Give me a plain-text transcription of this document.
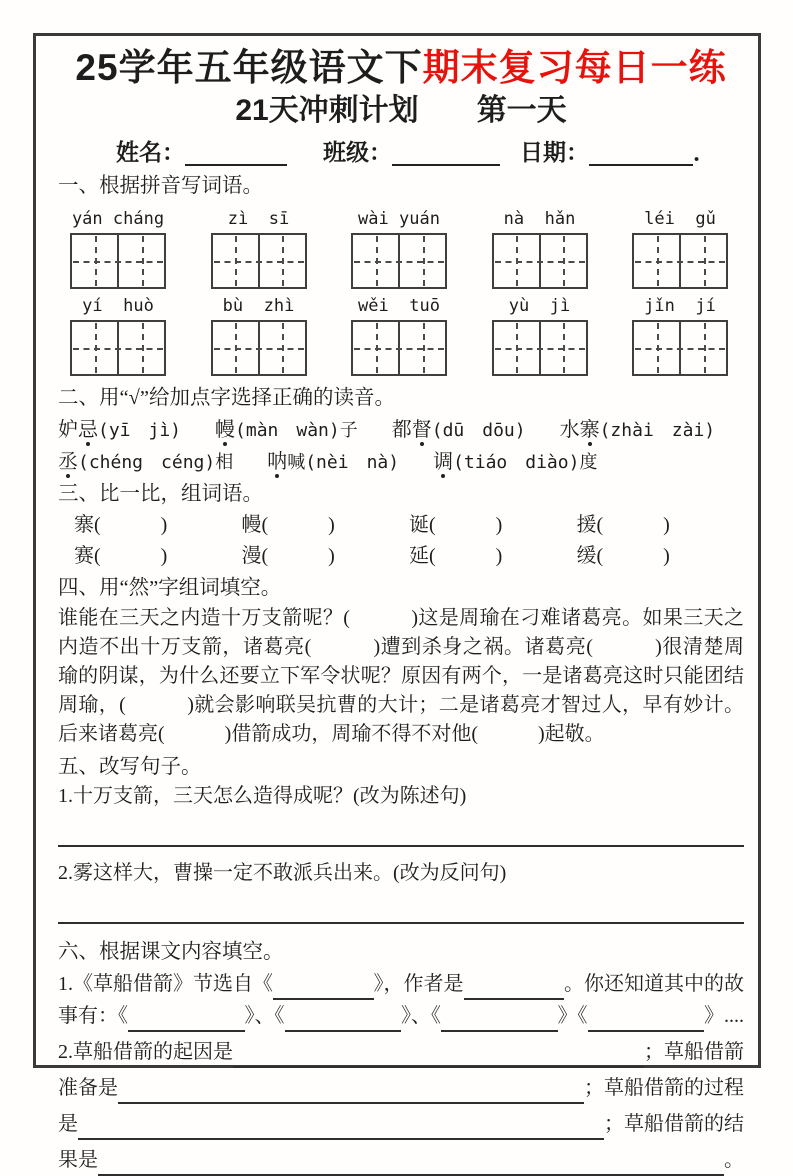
25学年五年级语文下期末复习每日一练
21天冲刺计划 第一天
姓名：	班级：	日期：	．
一、根据拼音写词语。
yán cháng	zì  sī	wài yuán	nà  hǎn	léi  gǔ
yí  huò	bù  zhì	wěi  tuō	yù  jì	jǐn  jí
二、用“√”给加点字选择正确的读音。
妒忌(yī　jì) 幔(màn　wàn)子 都督(dū　dōu) 水寨(zhài　zài)
丞(chéng　céng)相 呐喊(nèi　nà) 调(tiáo　diào)度
三、比一比，组词语。
寨(　　　)	幔(　　　)	诞(　　　)	援(　　　)
赛(　　　)	漫(　　　)	延(　　　)	缓(　　　)
四、用“然”字组词填空。
谁能在三天之内造十万支箭呢？(　　　)这是周瑜在刁难诸葛亮。如果三天之内造不出十万支箭，诸葛亮(　　　)遭到杀身之祸。诸葛亮(　　　)很清楚周瑜的阴谋，为什么还要立下军令状呢？原因有两个，一是诸葛亮这时只能团结周瑜，(　　　)就会影响联吴抗曹的大计；二是诸葛亮才智过人，早有妙计。后来诸葛亮(　　　)借箭成功，周瑜不得不对他(　　　)起敬。
五、改写句子。
1.十万支箭，三天怎么造得成呢？(改为陈述句)
2.雾这样大，曹操一定不敢派兵出来。(改为反问句)
六、根据课文内容填空。
1.《草船借箭》节选自《	》，作者是	。你还知道其中的故
事有：《	》、《	》、《	》《	》....
2.草船借箭的起因是	；草船借箭
准备是	；草船借箭的过程
是	；草船借箭的结
果是	。
